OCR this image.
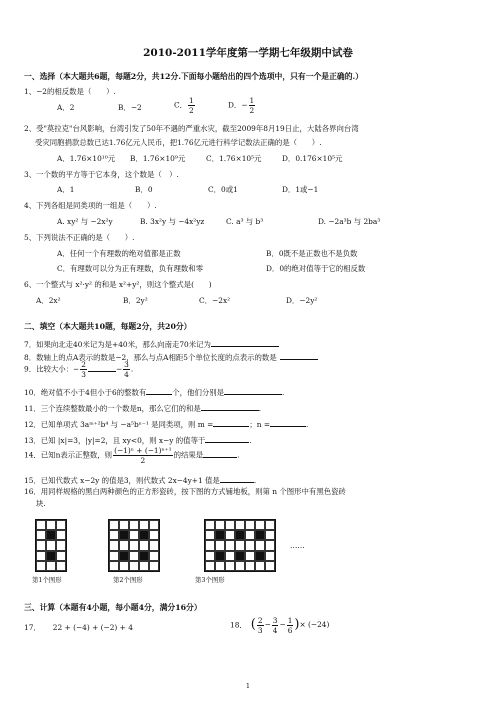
2010-2011学年度第一学期七年级期中试卷
一、选择（本大题共6题，每题2分，共12分.下面每小题给出的四个选项中，只有一个是正确的.）
1、−2的相反数是（　　）.
A．2	B．−2	C． $\frac{1}{2}$	D．− $\frac{1}{2}$
2、受"莫拉克"台风影响，台湾引发了50年不遇的严重水灾，截至2009年8月19日止，大陆各界向台湾
受灾同胞捐款总数已达1.76亿元人民币，把1.76亿元进行科学记数法正确的是（　　）.
A．1.76×10¹⁰元 B．1.76×10⁹元	C．1.76×10⁵元	D．0.176×10⁵元
3、一个数的平方等于它本身，这个数是（　）.
A．1	B．0	C．0或1	D．1或−1
4、下列各组是同类项的一组是（　　）.
A. xy² 与 −2x²y	B. 3x²y 与 −4x²yz	C. a³ 与 b³	D. −2a³b 与 2ba³
5、下列说法不正确的是（　　）.
A．任何一个有理数的绝对值都是正数	B．0既不是正数也不是负数
C．有理数可以分为正有理数，负有理数和零	D．0的绝对值等于它的相反数
6、一个整式与 x²·y² 的和是 x²+y²，则这个整式是(　　)
A．2x²	B．2y²	C．−2x²	D．−2y²
二、填空（本大题共10题，每题2分，共20分）
7．如果向北走40米记为是+40米，那么向南走70米记为
8．数轴上的点A表示的数是−2，那么与点A相距5个单位长度的点表示的数是
9．比较大小：− $\frac{2}{3}$	− $\frac{3}{4}$ .
10．绝对值不小于4但小于6的整数有	个，他们分别是	.
11．三个连续整数最小的一个数是n，那么它们的和是	.
12．已知单项式 3aᵐ⁺²b⁴ 与 −a⁵bⁿ⁻¹ 是同类项，则 m =	；n =	.
13．已知 |x|=3，|y|=2，且 xy<0，则 x−y 的值等于	.
14．已知n表示正整数，则 $\frac{\text{(−1)ⁿ + (−1)ⁿ⁺¹}}{2}$ 的结果是	.
15．已知代数式 x−2y 的值是3，则代数式 2x−4y+1 值是	.
16．用同样规格的黑白两种颜色的正方形瓷砖，按下图的方式铺地板，则第 n 个图形中有黑色瓷砖
块.
……
第1个图形	第2个图形	第3个图形
三、计算（本题有4小题，每小题4分，满分16分）
17． 22 + (−4) + (−2) + 4	18． ( $\frac{2}{3} - \frac{3}{4} - \frac{1}{6}$ )× (−24)
1
